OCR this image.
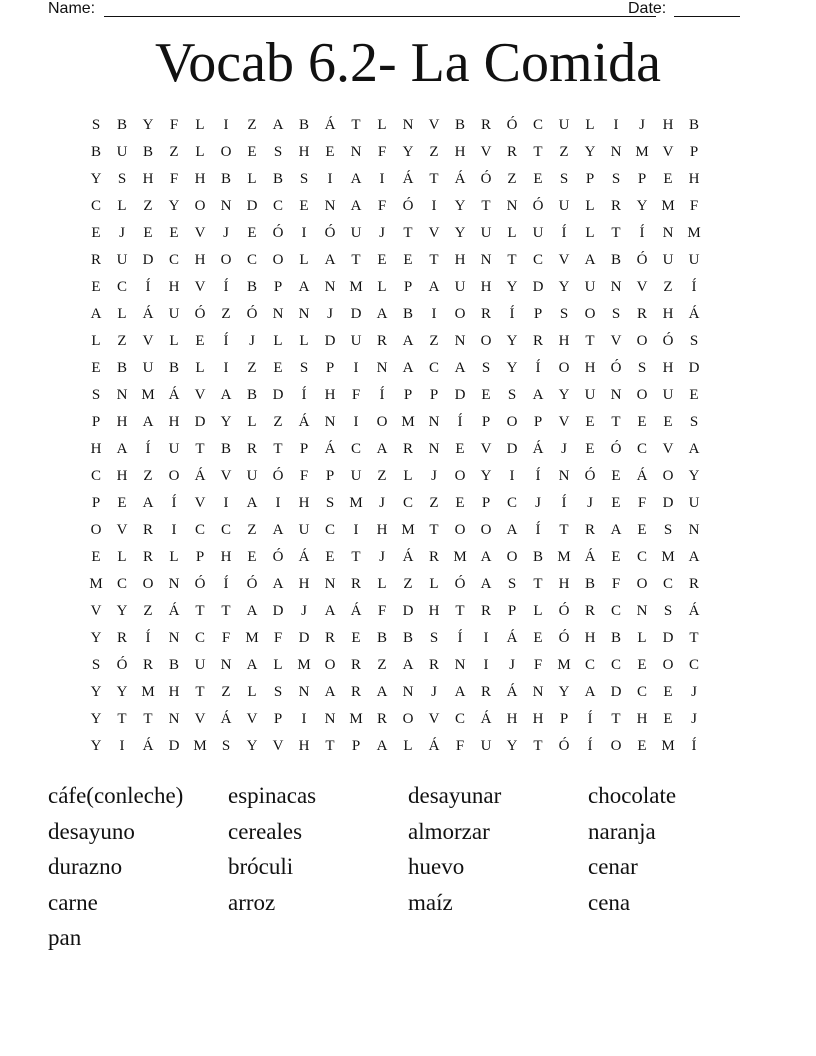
Name:	Date:
Vocab 6.2- La Comida
S	B	Y	F	L	I	Z	A	B	Á	T	L	N	V	B	R	Ó	C	U	L	I	J	H	B
B	U	B	Z	L	O	E	S	H	E	N	F	Y	Z	H	V	R	T	Z	Y	N M V	P
Y	S	H	F	H	B	L	B	S	I	A	I	Á	T	Á	Ó	Z	E	S	P	S	P	E	H
C	L	Z	Y	O	N	D	C	E	N	A	F	Ó	I	Y	T	N	Ó	U	L	R	Y M	F
E	J	E	E	V	J	E	Ó	I	Ó	U	J	T	V	Y	U	L	U	Í	L	T	Í	N M
R	U	D	C	H	O	C	O	L	A	T	E	E	T	H	N	T	C	V	A	B	Ó	U	U
E	C	Í	H	V	Í	B	P	A	N M L	P	A	U	H	Y	D	Y	U	N	V	Z	Í
A	L	Á	U	Ó	Z	Ó	N	N	J	D	A	B	I	O	R	Í	P	S	O	S	R	H	Á
L	Z	V	L	E	Í	J	L	L	D	U	R	A	Z	N	O	Y	R	H	T	V	O	Ó	S
E	B	U	B	L	I	Z	E	S	P	I	N	A	C	A	S	Y	Í	O	H	Ó	S	H	D
S	N M Á	V	A	B	D	Í	H	F	Í	P	P	D	E	S	A	Y	U	N	O	U	E
P	H	A	H	D	Y	L	Z	Á	N	I	O M N	Í	P	O	P	V	E	T	E	E	S
H	A	Í	U	T	B	R	T	P	Á	C	A	R	N	E	V	D	Á	J	E	Ó	C	V	A
C	H	Z	O	Á	V	U	Ó	F	P	U	Z	L	J	O	Y	I	Í	N	Ó	E	Á	O	Y
P	E	A	Í	V	I	A	I	H	S	M	J	C	Z	E	P	C	J	Í	J	E	F	D	U
O	V	R	I	C	C	Z	A	U	C	I	H M T	O	O	A	Í	T	R	A	E	S	N
E	L	R	L	P	H	E	Ó	Á	E	T	J	Á	R M A	O	B M Á	E	C M A
M C	O	N	Ó	Í	Ó	A	H	N	R	L	Z	L	Ó	A	S	T	H	B	F	O	C	R
V	Y	Z	Á	T	T	A	D	J	A	Á	F	D	H	T	R	P	L	Ó	R	C	N	S	Á
Y	R	Í	N	C	F	M	F	D	R	E	B	B	S	Í	I	Á	E	Ó	H	B	L	D	T
S	Ó	R	B	U	N	A	L M O	R	Z	A	R	N	I	J	F	M C	C	E	O	C
Y	Y M H	T	Z	L	S	N	A	R	A	N	J	A	R	Á	N	Y	A	D	C	E	J
Y	T	T	N	V	Á	V	P	I	N M R	O	V	C	Á	H	H	P	Í	T	H	E	J
Y	I	Á	D M	S	Y	V	H	T	P	A	L	Á	F	U	Y	T	Ó	Í	O	E M	Í
cáfe(conleche)	espinacas	desayunar	chocolate
desayuno	cereales	almorzar	naranja
durazno	bróculi	huevo	cenar
carne	arroz	maíz	cena
pan
